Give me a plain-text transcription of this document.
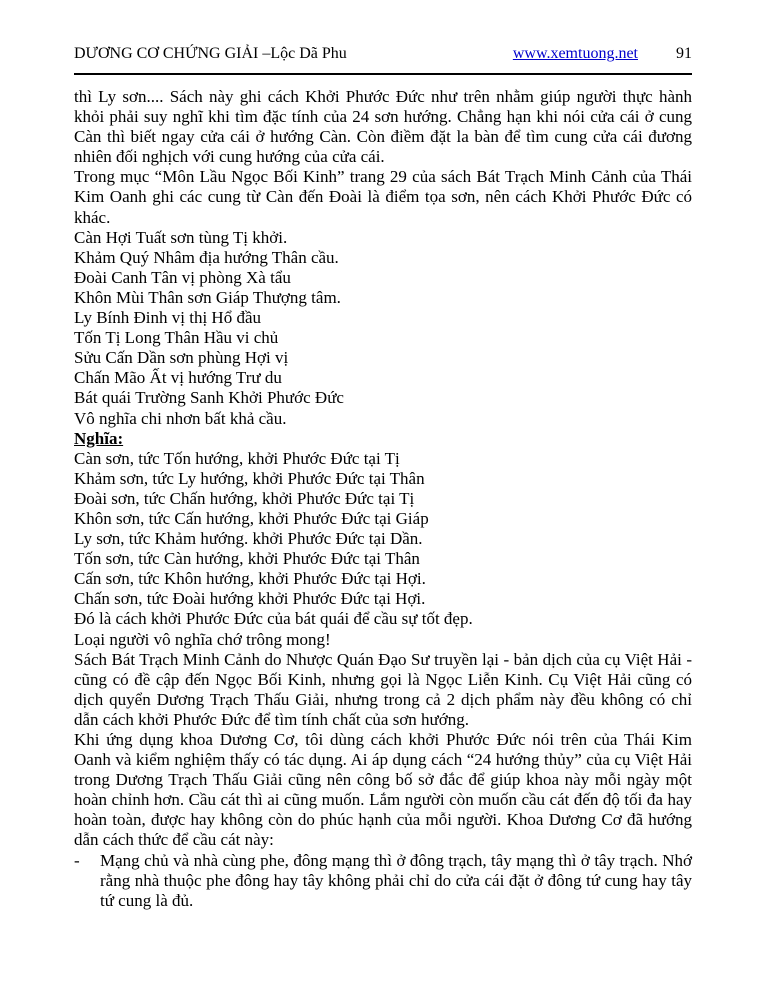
DƯƠNG CƠ CHỨNG GIẢI –Lộc Dã Phu	www.xemtuong.net	91

thì Ly sơn.... Sách này ghi cách Khởi Phước Đức như trên nhằm giúp người thực hành khỏi phải suy nghĩ khi tìm đặc tính của 24 sơn hướng. Chẳng hạn khi nói cửa cái ở cung Càn thì biết ngay cửa cái ở hướng Càn. Còn điềm đặt la bàn để tìm cung cửa cái đương nhiên đối nghịch với cung hướng của cửa cái.

Trong mục “Môn Lầu Ngọc Bối Kinh” trang 29 của sách Bát Trạch Minh Cảnh của Thái Kim Oanh ghi các cung từ Càn đến Đoài là điểm tọa sơn, nên cách Khởi Phước Đức có khác.

Càn Hợi Tuất sơn tùng Tị khởi.
Khảm Quý Nhâm địa hướng Thân cầu.
Đoài Canh Tân vị phòng Xà tẩu
Khôn Mùi Thân sơn Giáp Thượng tâm.
Ly Bính Đinh vị thị Hổ đầu
Tốn Tị Long Thân Hầu vi chủ
Sửu Cấn Dần sơn phùng Hợi vị
Chấn Mão Ất vị hướng Trư du
Bát quái Trường Sanh Khởi Phước Đức
Vô nghĩa chi nhơn bất khả cầu.
Nghĩa:
Càn sơn, tức Tốn hướng, khởi Phước Đức tại Tị
Khảm sơn, tức Ly hướng, khởi Phước Đức tại Thân
Đoài sơn, tức Chấn hướng, khởi Phước Đức tại Tị
Khôn sơn, tức Cấn hướng, khởi Phước Đức tại Giáp
Ly sơn, tức Khảm hướng. khởi Phước Đức tại Dần.
Tốn sơn, tức Càn hướng, khởi Phước Đức tại Thân
Cấn sơn, tức Khôn hướng, khởi Phước Đức tại Hợi.
Chấn sơn, tức Đoài hướng khởi Phước Đức tại Hợi.
Đó là cách khởi Phước Đức của bát quái để cầu sự tốt đẹp.
Loại người vô nghĩa chớ trông mong!

Sách Bát Trạch Minh Cảnh do Nhược Quán Đạo Sư truyền lại - bản dịch của cụ Việt Hải - cũng có đề cập đến Ngọc Bối Kinh, nhưng gọi là Ngọc Liễn Kinh. Cụ Việt Hải cũng có dịch quyển Dương Trạch Thấu Giải, nhưng trong cả 2 dịch phẩm này đều không có chỉ dẫn cách khởi Phước Đức để tìm tính chất của sơn hướng.

Khi ứng dụng khoa Dương Cơ, tôi dùng cách khởi Phước Đức nói trên của Thái Kim Oanh và kiểm nghiệm thấy có tác dụng. Ai áp dụng cách “24 hướng thủy” của cụ Việt Hải trong Dương Trạch Thấu Giải cũng nên công bố sở đắc để giúp khoa này mỗi ngày một hoàn chỉnh hơn. Cầu cát thì ai cũng muốn. Lắm người còn muốn cầu cát đến độ tối đa hay hoàn toàn, được hay không còn do phúc hạnh của mỗi người. Khoa Dương Cơ đã hướng dẫn cách thức để cầu cát này:

-	Mạng chủ và nhà cùng phe, đông mạng thì ở đông trạch, tây mạng thì ở tây trạch. Nhớ rằng nhà thuộc phe đông hay tây không phải chỉ do cửa cái đặt ở đông tứ cung hay tây tứ cung là đủ.
